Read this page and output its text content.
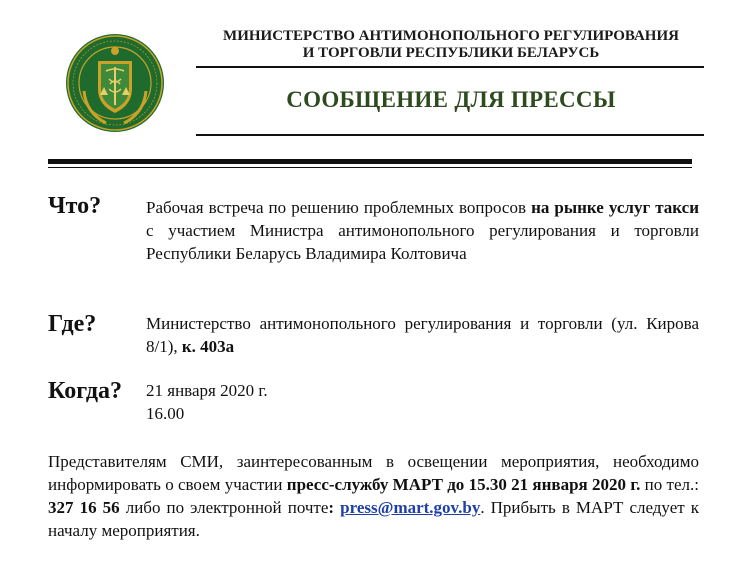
МИНИСТЕРСТВО АНТИМОНОПОЛЬНОГО РЕГУЛИРОВАНИЯ
И ТОРГОВЛИ РЕСПУБЛИКИ БЕЛАРУСЬ
СООБЩЕНИЕ ДЛЯ ПРЕССЫ
Что?	Рабочая встреча по решению проблемных вопросов на рынке услуг такси с участием Министра антимонопольного регулирования и торговли Республики Беларусь Владимира Колтовича
Где?	Министерство антимонопольного регулирования и торговли (ул. Кирова 8/1), к. 403а
Когда? 21 января 2020 г.
16.00
Представителям СМИ, заинтересованным в освещении мероприятия, необходимо информировать о своем участии пресс-службу МАРТ до 15.30 21 января 2020 г. по тел.: 327 16 56 либо по электронной почте: press@mart.gov.by. Прибыть в МАРТ следует к началу мероприятия.
